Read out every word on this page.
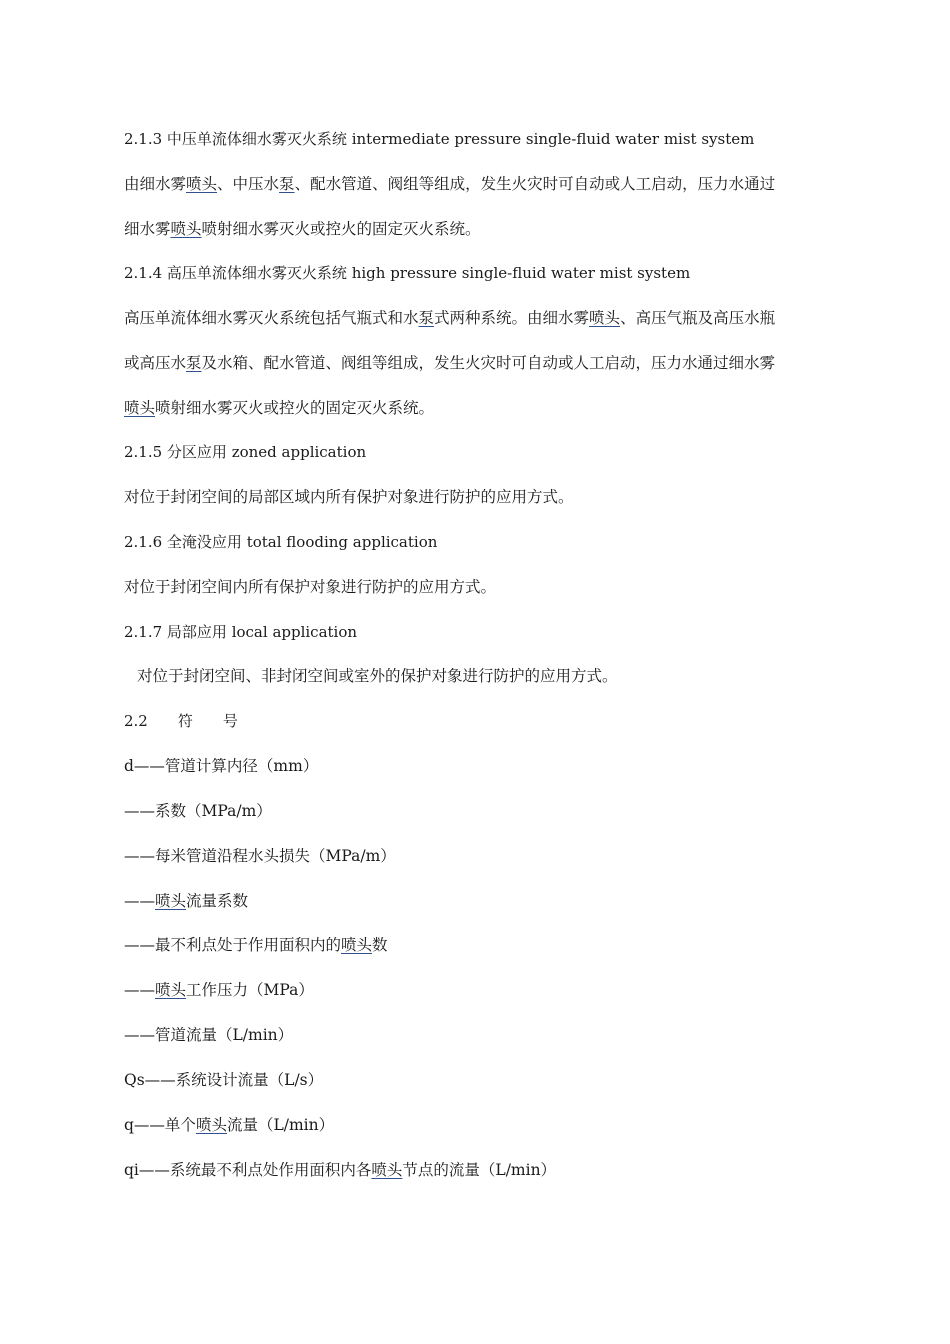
2.1.3 中压单流体细水雾灭火系统 intermediate pressure single-fluid water mist system
由细水雾喷头、中压水泵、配水管道、阀组等组成，发生火灾时可自动或人工启动，压力水通过
细水雾喷头喷射细水雾灭火或控火的固定灭火系统。
2.1.4 高压单流体细水雾灭火系统 high pressure single-fluid water mist system
高压单流体细水雾灭火系统包括气瓶式和水泵式两种系统。由细水雾喷头、高压气瓶及高压水瓶
或高压水泵及水箱、配水管道、阀组等组成，发生火灾时可自动或人工启动，压力水通过细水雾
喷头喷射细水雾灭火或控火的固定灭火系统。
2.1.5 分区应用 zoned application
对位于封闭空间的局部区域内所有保护对象进行防护的应用方式。
2.1.6 全淹没应用 total flooding application
对位于封闭空间内所有保护对象进行防护的应用方式。
2.1.7 局部应用 local application
对位于封闭空间、非封闭空间或室外的保护对象进行防护的应用方式。
2.2 符 号
d——管道计算内径（mm）
——系数（MPa/m）
——每米管道沿程水头损失（MPa/m）
——喷头流量系数
——最不利点处于作用面积内的喷头数
——喷头工作压力（MPa）
——管道流量（L/min）
Qs——系统设计流量（L/s）
q——单个喷头流量（L/min）
qi——系统最不利点处作用面积内各喷头节点的流量（L/min）
